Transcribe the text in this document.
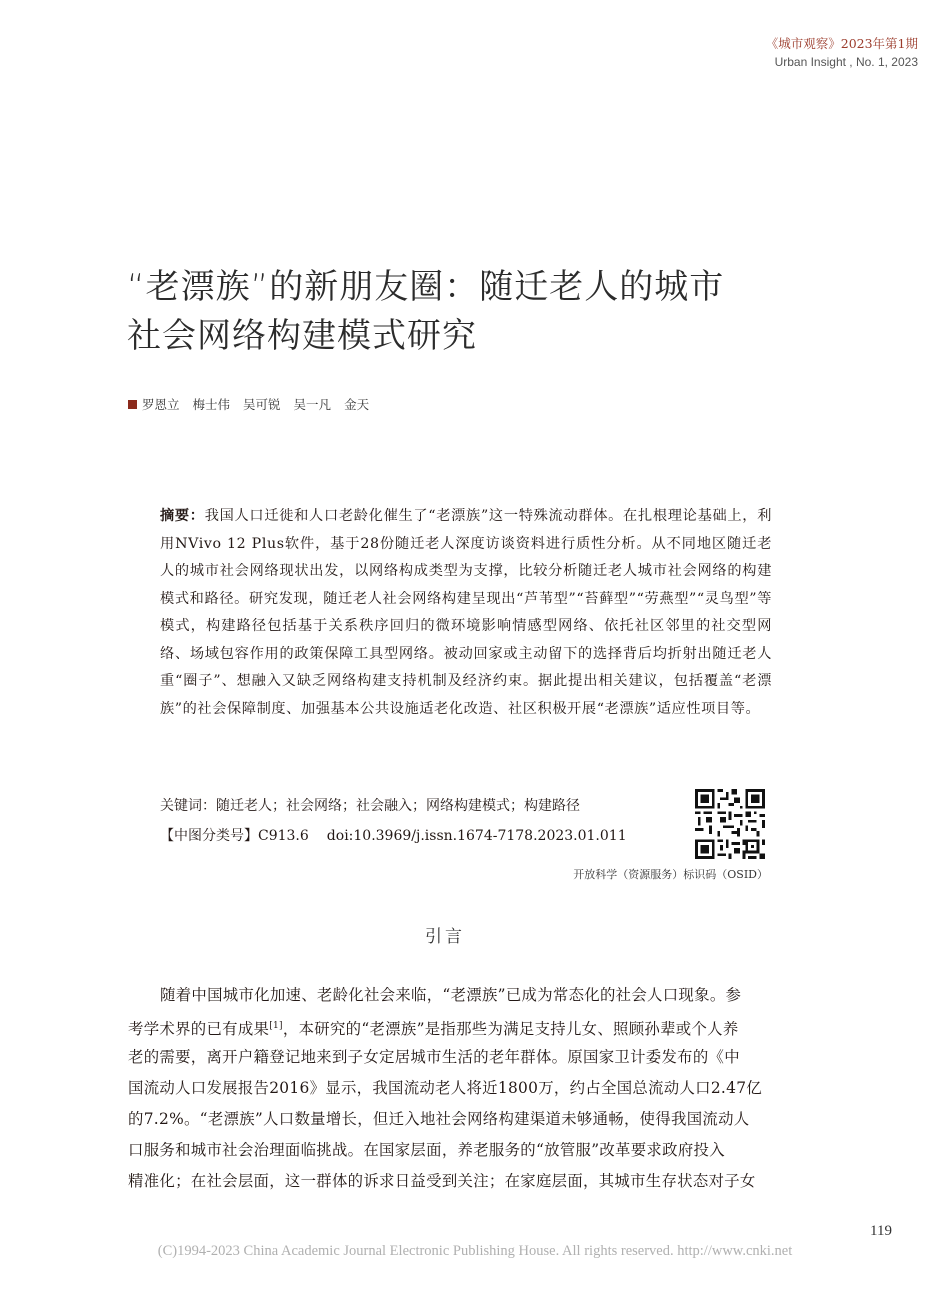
《城市观察》2023年第1期
Urban Insight , No. 1, 2023
“老漂族”的新朋友圈：随迁老人的城市
社会网络构建模式研究
罗恩立 梅士伟 吴可锐 吴一凡 金天
摘要：我国人口迁徙和人口老龄化催生了“老漂族”这一特殊流动群体。在扎根理论基础上，利用NVivo 12 Plus软件，基于28份随迁老人深度访谈资料进行质性分析。从不同地区随迁老人的城市社会网络现状出发，以网络构成类型为支撑，比较分析随迁老人城市社会网络的构建模式和路径。研究发现，随迁老人社会网络构建呈现出“芦苇型”“苔藓型”“劳燕型”“灵鸟型”等模式，构建路径包括基于关系秩序回归的微环境影响情感型网络、依托社区邻里的社交型网络、场域包容作用的政策保障工具型网络。被动回家或主动留下的选择背后均折射出随迁老人重“圈子”、想融入又缺乏网络构建支持机制及经济约束。据此提出相关建议，包括覆盖“老漂族”的社会保障制度、加强基本公共设施适老化改造、社区积极开展“老漂族”适应性项目等。
关键词：随迁老人；社会网络；社会融入；网络构建模式；构建路径
【中图分类号】C913.6 doi:10.3969/j.issn.1674-7178.2023.01.011
开放科学（资源服务）标识码（OSID）
引言
随着中国城市化加速、老龄化社会来临，“老漂族”已成为常态化的社会人口现象。参
考学术界的已有成果[1]，本研究的“老漂族”是指那些为满足支持儿女、照顾孙辈或个人养
老的需要，离开户籍登记地来到子女定居城市生活的老年群体。原国家卫计委发布的《中
国流动人口发展报告2016》显示，我国流动老人将近1800万，约占全国总流动人口2.47亿
的7.2%。“老漂族”人口数量增长，但迁入地社会网络构建渠道未够通畅，使得我国流动人
口服务和城市社会治理面临挑战。在国家层面，养老服务的“放管服”改革要求政府投入
精准化；在社会层面，这一群体的诉求日益受到关注；在家庭层面，其城市生存状态对子女
119
(C)1994-2023 China Academic Journal Electronic Publishing House. All rights reserved. http://www.cnki.net
